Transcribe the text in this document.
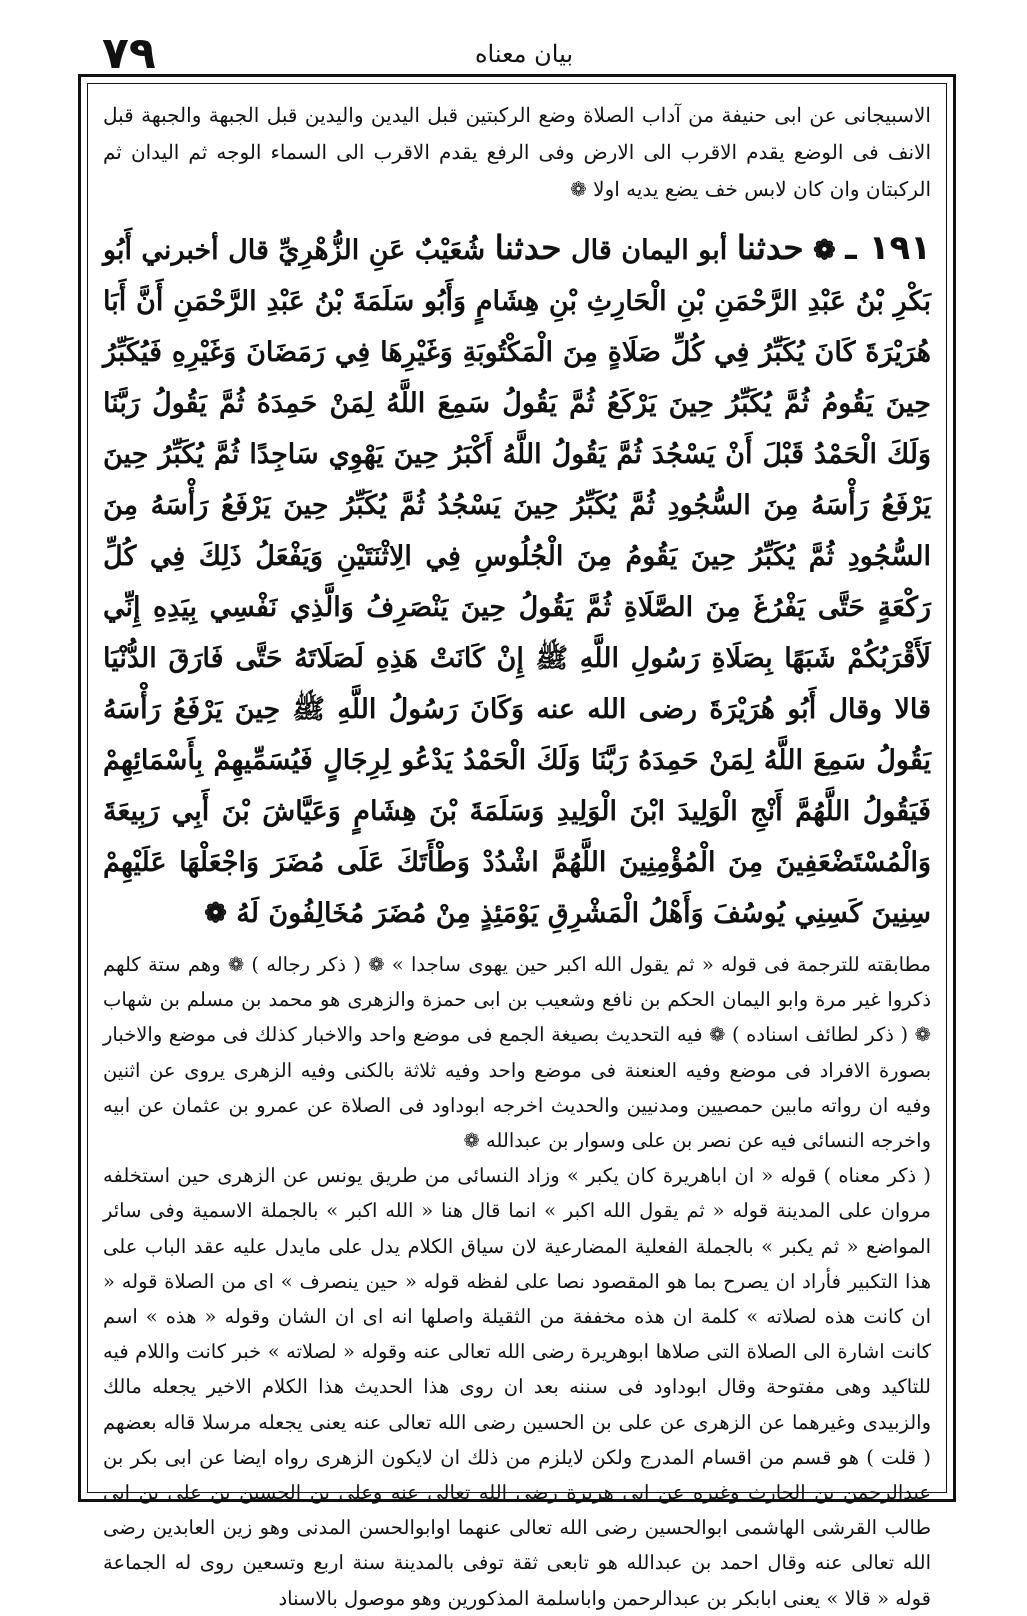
٧٩	بيان معناه

الاسبيجانى عن ابى حنيفة من آداب الصلاة وضع الركبتين قبل اليدين واليدين قبل الجبهة والجبهة قبل الانف فى الوضع يقدم الاقرب الى الارض وفى الرفع يقدم الاقرب الى السماء الوجه ثم اليدان ثم الركبتان وان كان لابس خف يضع يديه اولا ❁

١٩١ ـ ❁ حدثنا أبو اليمان قال حدثنا شُعَيْبٌ عَنِ الزُّهْرِيِّ قال أخبرني أَبُو بَكْرِ بْنُ عَبْدِ الرَّحْمَنِ بْنِ الْحَارِثِ بْنِ هِشَامٍ وَأَبُو سَلَمَةَ بْنُ عَبْدِ الرَّحْمَنِ أَنَّ أَبَا هُرَيْرَةَ كَانَ يُكَبِّرُ فِي كُلِّ صَلَاةٍ مِنَ الْمَكْتُوبَةِ وَغَيْرِهَا فِي رَمَضَانَ وَغَيْرِهِ فَيُكَبِّرُ حِينَ يَقُومُ ثُمَّ يُكَبِّرُ حِينَ يَرْكَعُ ثُمَّ يَقُولُ سَمِعَ اللَّهُ لِمَنْ حَمِدَهُ ثُمَّ يَقُولُ رَبَّنَا وَلَكَ الْحَمْدُ قَبْلَ أَنْ يَسْجُدَ ثُمَّ يَقُولُ اللَّهُ أَكْبَرُ حِينَ يَهْوِي سَاجِدًا ثُمَّ يُكَبِّرُ حِينَ يَرْفَعُ رَأْسَهُ مِنَ السُّجُودِ ثُمَّ يُكَبِّرُ حِينَ يَسْجُدُ ثُمَّ يُكَبِّرُ حِينَ يَرْفَعُ رَأْسَهُ مِنَ السُّجُودِ ثُمَّ يُكَبِّرُ حِينَ يَقُومُ مِنَ الْجُلُوسِ فِي الِاثْنَتَيْنِ وَيَفْعَلُ ذَلِكَ فِي كُلِّ رَكْعَةٍ حَتَّى يَفْرُغَ مِنَ الصَّلَاةِ ثُمَّ يَقُولُ حِينَ يَنْصَرِفُ وَالَّذِي نَفْسِي بِيَدِهِ إِنِّي لَأَقْرَبُكُمْ شَبَهًا بِصَلَاةِ رَسُولِ اللَّهِ ﷺ إِنْ كَانَتْ هَذِهِ لَصَلَاتَهُ حَتَّى فَارَقَ الدُّنْيَا قالا وقال أَبُو هُرَيْرَةَ رضى الله عنه وَكَانَ رَسُولُ اللَّهِ ﷺ حِينَ يَرْفَعُ رَأْسَهُ يَقُولُ سَمِعَ اللَّهُ لِمَنْ حَمِدَهُ رَبَّنَا وَلَكَ الْحَمْدُ يَدْعُو لِرِجَالٍ فَيُسَمِّيهِمْ بِأَسْمَائِهِمْ فَيَقُولُ اللَّهُمَّ أَنْجِ الْوَلِيدَ ابْنَ الْوَلِيدِ وَسَلَمَةَ بْنَ هِشَامٍ وَعَيَّاشَ بْنَ أَبِي رَبِيعَةَ وَالْمُسْتَضْعَفِينَ مِنَ الْمُؤْمِنِينَ اللَّهُمَّ اشْدُدْ وَطْأَتَكَ عَلَى مُضَرَ وَاجْعَلْهَا عَلَيْهِمْ سِنِينَ كَسِنِي يُوسُفَ وَأَهْلُ الْمَشْرِقِ يَوْمَئِذٍ مِنْ مُضَرَ مُخَالِفُونَ لَهُ ❁

مطابقته للترجمة فى قوله « ثم يقول الله اكبر حين يهوى ساجدا » ❁ ( ذكر رجاله ) ❁ وهم ستة كلهم ذكروا غير مرة وابو اليمان الحكم بن نافع وشعيب بن ابى حمزة والزهرى هو محمد بن مسلم بن شهاب ❁ ( ذكر لطائف اسناده ) ❁ فيه التحديث بصيغة الجمع فى موضع واحد والاخبار كذلك فى موضع والاخبار بصورة الافراد فى موضع وفيه العنعنة فى موضع واحد وفيه ثلاثة بالكنى وفيه الزهرى يروى عن اثنين وفيه ان رواته مابين حمصيين ومدنيين والحديث اخرجه ابوداود فى الصلاة عن عمرو بن عثمان عن ابيه واخرجه النسائى فيه عن نصر بن على وسوار بن عبدالله ❁

( ذكر معناه ) قوله « ان اباهريرة كان يكبر » وزاد النسائى من طريق يونس عن الزهرى حين استخلفه مروان على المدينة قوله « ثم يقول الله اكبر » انما قال هنا « الله اكبر » بالجملة الاسمية وفى سائر المواضع « ثم يكبر » بالجملة الفعلية المضارعية لان سياق الكلام يدل على مايدل عليه عقد الباب على هذا التكبير فأراد ان يصرح بما هو المقصود نصا على لفظه قوله « حين ينصرف » اى من الصلاة قوله « ان كانت هذه لصلاته » كلمة ان هذه مخففة من الثقيلة واصلها انه اى ان الشان وقوله « هذه » اسم كانت اشارة الى الصلاة التى صلاها ابوهريرة رضى الله تعالى عنه وقوله « لصلاته » خبر كانت واللام فيه للتاكيد وهى مفتوحة وقال ابوداود فى سننه بعد ان روى هذا الحديث هذا الكلام الاخير يجعله مالك والزبيدى وغيرهما عن الزهرى عن على بن الحسين رضى الله تعالى عنه يعنى يجعله مرسلا قاله بعضهم ( قلت ) هو قسم من اقسام المدرج ولكن لايلزم من ذلك ان لايكون الزهرى رواه ايضا عن ابى بكر بن عبدالرحمن بن الحارث وغيره عن ابى هريرة رضى الله تعالى عنه وعلى بن الحسين بن على بن ابى طالب القرشى الهاشمى ابوالحسين رضى الله تعالى عنهما اوابوالحسن المدنى وهو زين العابدين رضى الله تعالى عنه وقال احمد بن عبدالله هو تابعى ثقة توفى بالمدينة سنة اربع وتسعين روى له الجماعة قوله « قالا » يعنى ابابكر بن عبدالرحمن واباسلمة المذكورين وهو موصول بالاسناد
